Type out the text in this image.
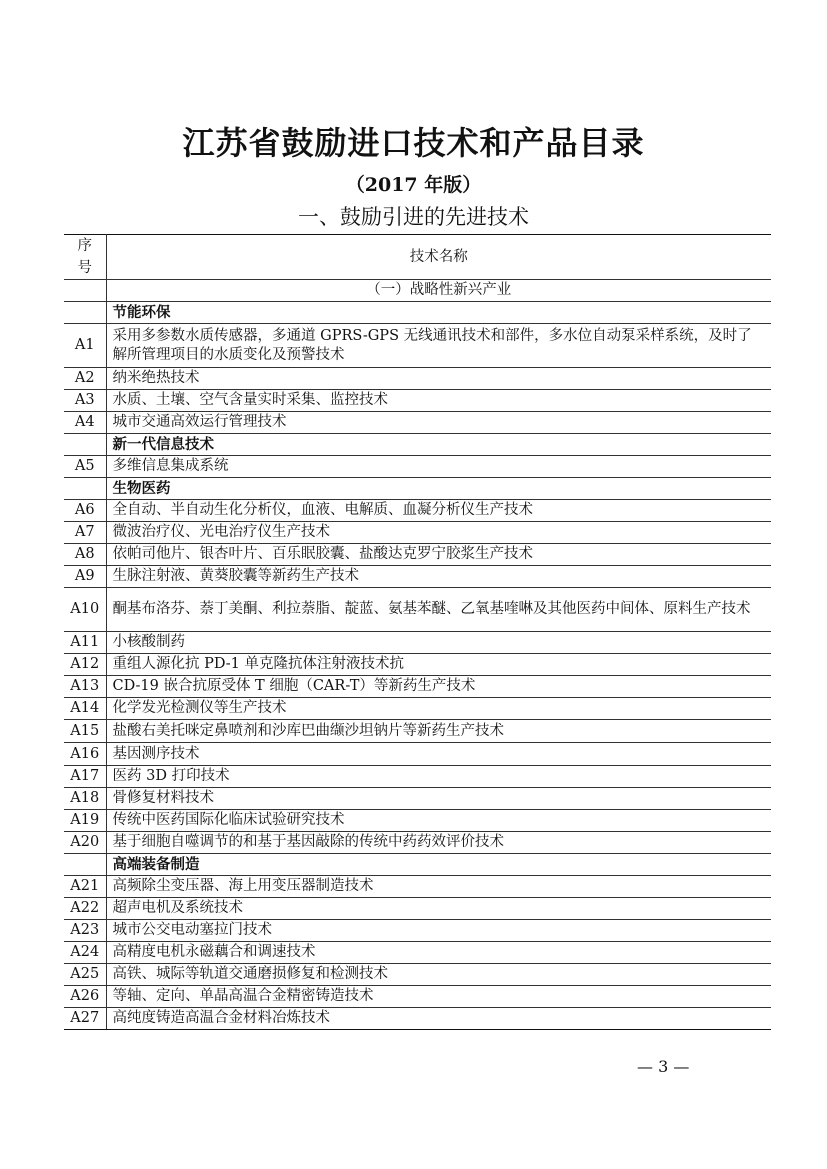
江苏省鼓励进口技术和产品目录
（2017 年版）
一、鼓励引进的先进技术
序号	技术名称
	（一）战略性新兴产业
	节能环保
A1	采用多参数水质传感器，多通道 GPRS-GPS 无线通讯技术和部件，多水位自动泵采样系统，及时了解所管理项目的水质变化及预警技术
A2	纳米绝热技术
A3	水质、土壤、空气含量实时采集、监控技术
A4	城市交通高效运行管理技术
	新一代信息技术
A5	多维信息集成系统
	生物医药
A6	全自动、半自动生化分析仪，血液、电解质、血凝分析仪生产技术
A7	微波治疗仪、光电治疗仪生产技术
A8	依帕司他片、银杏叶片、百乐眠胶囊、盐酸达克罗宁胶浆生产技术
A9	生脉注射液、黄葵胶囊等新药生产技术
A10	酮基布洛芬、萘丁美酮、利拉萘脂、靛蓝、氨基苯醚、乙氧基喹啉及其他医药中间体、原料生产技术
A11	小核酸制药
A12	重组人源化抗 PD-1 单克隆抗体注射液技术抗
A13	CD-19 嵌合抗原受体 T 细胞（CAR-T）等新药生产技术
A14	化学发光检测仪等生产技术
A15	盐酸右美托咪定鼻喷剂和沙库巴曲缬沙坦钠片等新药生产技术
A16	基因测序技术
A17	医药 3D 打印技术
A18	骨修复材料技术
A19	传统中医药国际化临床试验研究技术
A20	基于细胞自噬调节的和基于基因敲除的传统中药药效评价技术
	高端装备制造
A21	高频除尘变压器、海上用变压器制造技术
A22	超声电机及系统技术
A23	城市公交电动塞拉门技术
A24	高精度电机永磁藕合和调速技术
A25	高铁、城际等轨道交通磨损修复和检测技术
A26	等轴、定向、单晶高温合金精密铸造技术
A27	高纯度铸造高温合金材料冶炼技术
— 3 —
